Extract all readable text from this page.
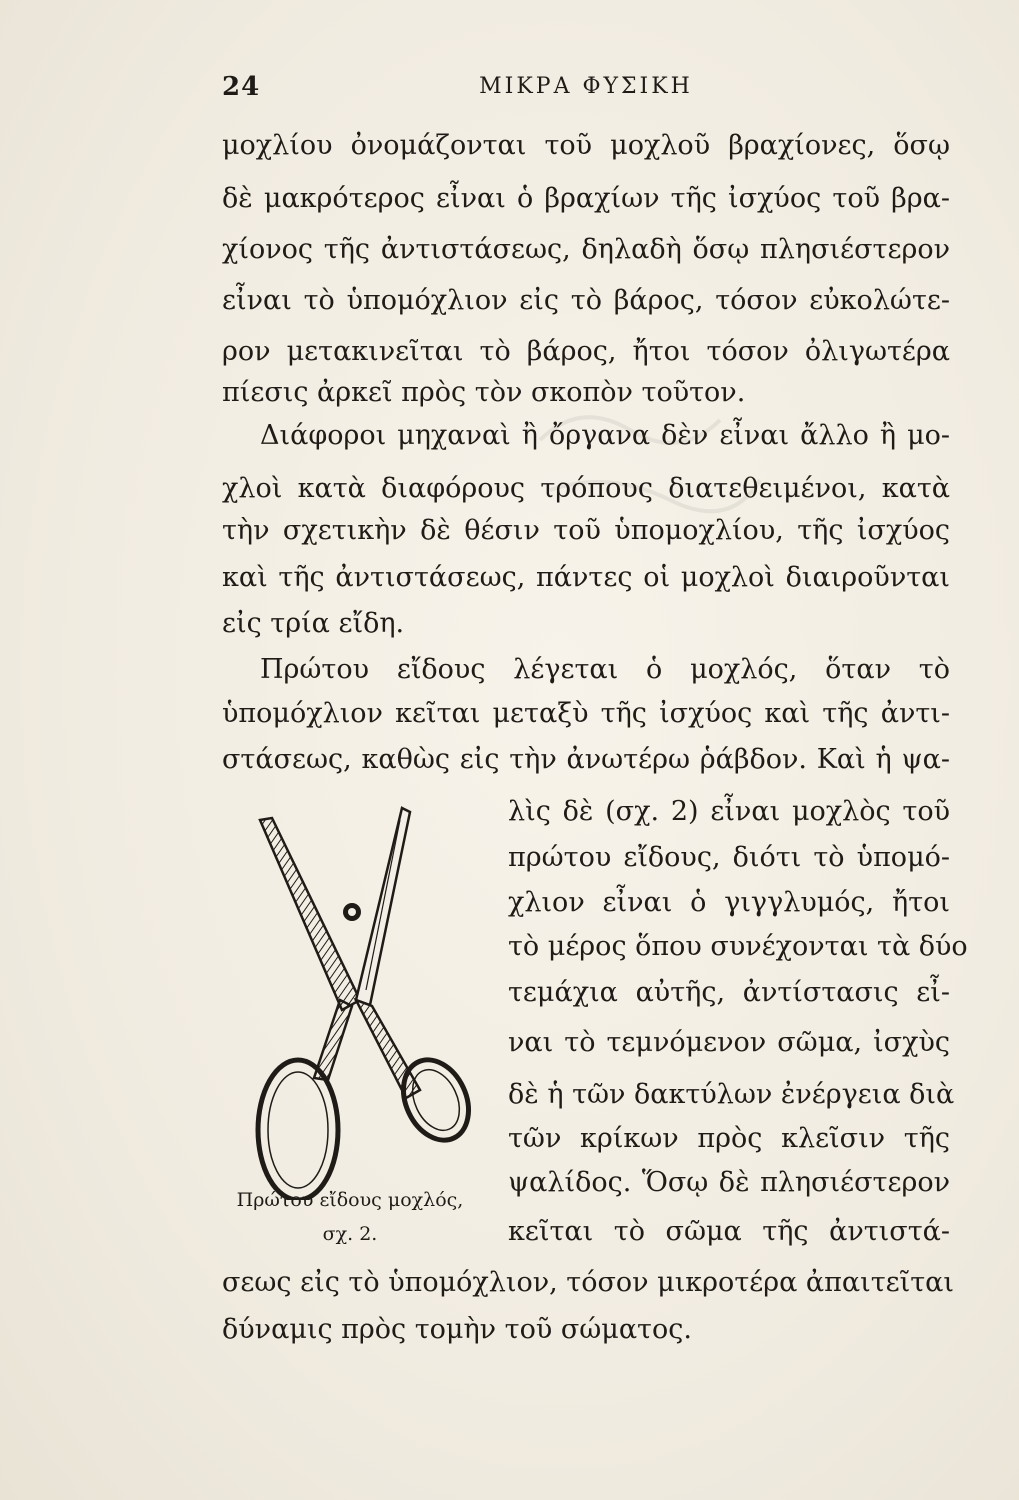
24	ΜΙΚΡΑ ΦΥΣΙΚΗ
μοχλίου ὀνομάζονται τοῦ μοχλοῦ βραχίονες, ὅσῳ
δὲ μακρότερος εἶναι ὁ βραχίων τῆς ἰσχύος τοῦ βρα-
χίονος τῆς ἀντιστάσεως, δηλαδὴ ὅσῳ πλησιέστερον
εἶναι τὸ ὑπομόχλιον εἰς τὸ βάρος, τόσον εὐκολώτε-
ρον μετακινεῖται τὸ βάρος, ἤτοι τόσον ὀλιγωτέρα
πίεσις ἀρκεῖ πρὸς τὸν σκοπὸν τοῦτον.
Διάφοροι μηχαναὶ ἢ ὄργανα δὲν εἶναι ἄλλο ἢ μο-
χλοὶ κατὰ διαφόρους τρόπους διατεθειμένοι, κατὰ
τὴν σχετικὴν δὲ θέσιν τοῦ ὑπομοχλίου, τῆς ἰσχύος
καὶ τῆς ἀντιστάσεως, πάντες οἱ μοχλοὶ διαιροῦνται
εἰς τρία εἴδη.
Πρώτου εἴδους λέγεται ὁ μοχλός, ὅταν τὸ
ὑπομόχλιον κεῖται μεταξὺ τῆς ἰσχύος καὶ τῆς ἀντι-
στάσεως, καθὼς εἰς τὴν ἀνωτέρω ῥάβδον. Καὶ ἡ ψα-
λὶς δὲ (σχ. 2) εἶναι μοχλὸς τοῦ
πρώτου εἴδους, διότι τὸ ὑπομό-
χλιον εἶναι ὁ γιγγλυμός, ἤτοι
τὸ μέρος ὅπου συνέχονται τὰ δύο
τεμάχια αὐτῆς, ἀντίστασις εἶ-
ναι τὸ τεμνόμενον σῶμα, ἰσχὺς
δὲ ἡ τῶν δακτύλων ἐνέργεια διὰ
τῶν κρίκων πρὸς κλεῖσιν τῆς
ψαλίδος. Ὅσῳ δὲ πλησιέστερον
κεῖται τὸ σῶμα τῆς ἀντιστά-
σεως εἰς τὸ ὑπομόχλιον, τόσον μικροτέρα ἀπαιτεῖται
δύναμις πρὸς τομὴν τοῦ σώματος.
Πρώτου εἴδους μοχλός,
σχ. 2.
